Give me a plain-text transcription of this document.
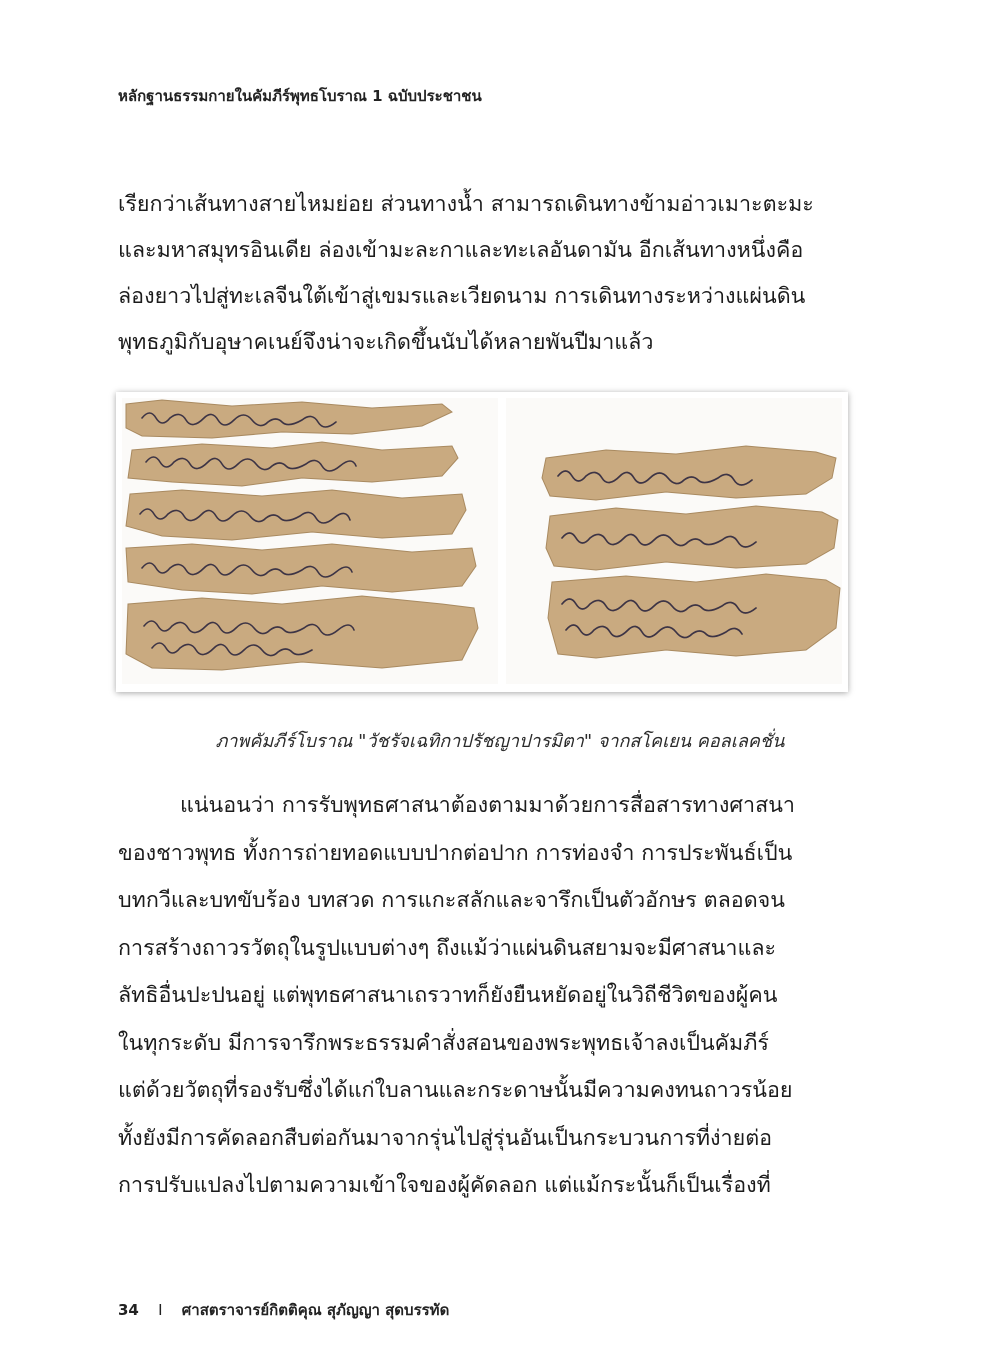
หลักฐานธรรมกายในคัมภีร์พุทธโบราณ 1 ฉบับประชาชน
เรียกว่าเส้นทางสายไหมย่อย ส่วนทางน้ำ สามารถเดินทางข้ามอ่าวเมาะตะมะ
และมหาสมุทรอินเดีย ล่องเข้ามะละกาและทะเลอันดามัน อีกเส้นทางหนึ่งคือ
ล่องยาวไปสู่ทะเลจีนใต้เข้าสู่เขมรและเวียดนาม การเดินทางระหว่างแผ่นดิน
พุทธภูมิกับอุษาคเนย์จึงน่าจะเกิดขึ้นนับได้หลายพันปีมาแล้ว
ภาพคัมภีร์โบราณ "วัชรัจเฉทิกาปรัชญาปารมิตา" จากสโคเยน คอลเลคชั่น
แน่นอนว่า การรับพุทธศาสนาต้องตามมาด้วยการสื่อสารทางศาสนา
ของชาวพุทธ ทั้งการถ่ายทอดแบบปากต่อปาก การท่องจำ การประพันธ์เป็น
บทกวีและบทขับร้อง บทสวด การแกะสลักและจารึกเป็นตัวอักษร ตลอดจน
การสร้างถาวรวัตถุในรูปแบบต่างๆ ถึงแม้ว่าแผ่นดินสยามจะมีศาสนาและ
ลัทธิอื่นปะปนอยู่ แต่พุทธศาสนาเถรวาทก็ยังยืนหยัดอยู่ในวิถีชีวิตของผู้คน
ในทุกระดับ มีการจารึกพระธรรมคำสั่งสอนของพระพุทธเจ้าลงเป็นคัมภีร์
แต่ด้วยวัตถุที่รองรับซึ่งได้แก่ใบลานและกระดาษนั้นมีความคงทนถาวรน้อย
ทั้งยังมีการคัดลอกสืบต่อกันมาจากรุ่นไปสู่รุ่นอันเป็นกระบวนการที่ง่ายต่อ
การปรับแปลงไปตามความเข้าใจของผู้คัดลอก แต่แม้กระนั้นก็เป็นเรื่องที่
34 I ศาสตราจารย์กิตติคุณ สุภัญญา สุดบรรทัด
